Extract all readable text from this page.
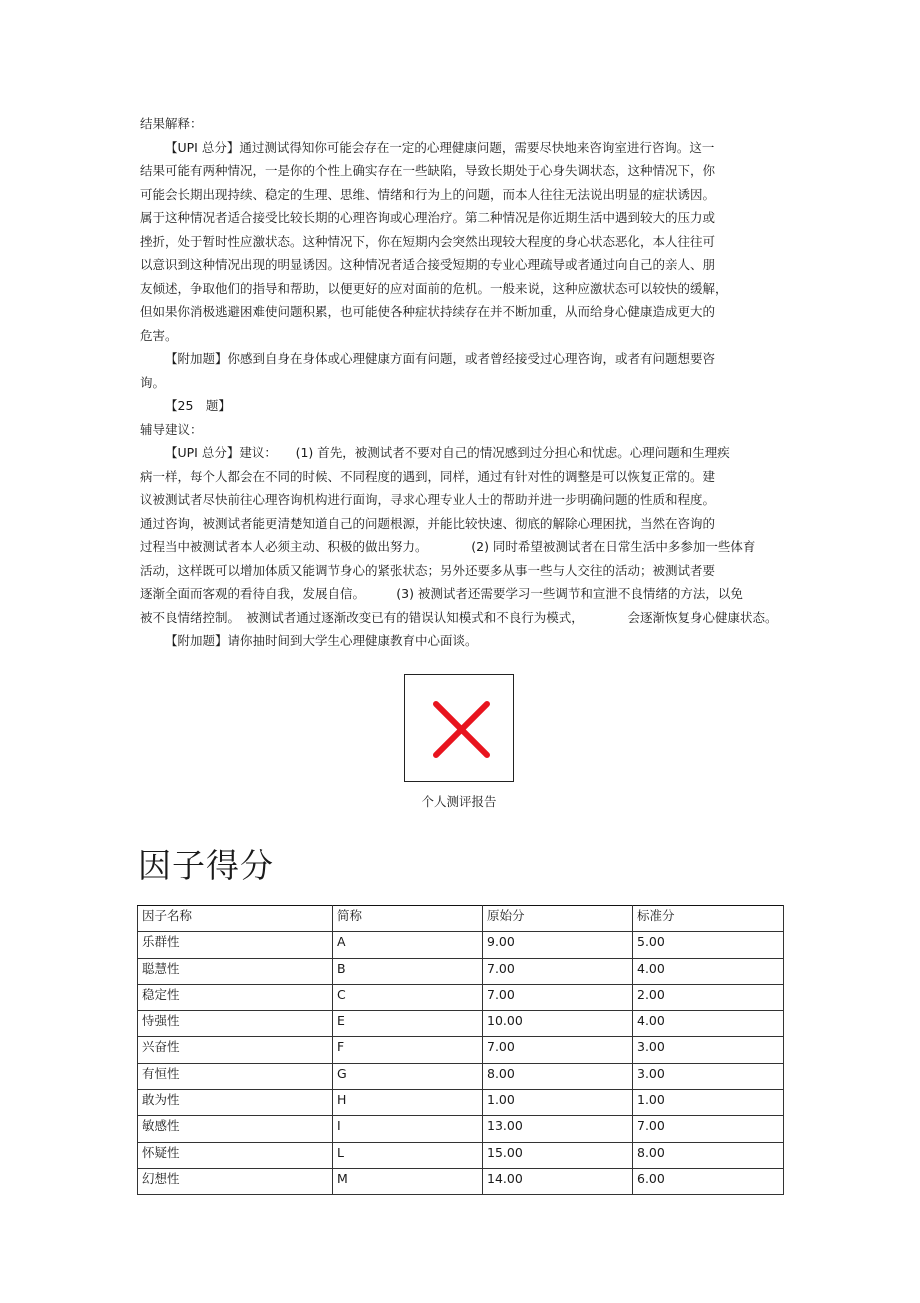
结果解释：
【UPI 总分】通过测试得知你可能会存在一定的心理健康问题，需要尽快地来咨询室进行咨询。这一
结果可能有两种情况，一是你的个性上确实存在一些缺陷，导致长期处于心身失调状态，这种情况下，你
可能会长期出现持续、稳定的生理、思维、情绪和行为上的问题，而本人往往无法说出明显的症状诱因。
属于这种情况者适合接受比较长期的心理咨询或心理治疗。第二种情况是你近期生活中遇到较大的压力或
挫折，处于暂时性应激状态。这种情况下，你在短期内会突然出现较大程度的身心状态恶化，本人往往可
以意识到这种情况出现的明显诱因。这种情况者适合接受短期的专业心理疏导或者通过向自己的亲人、朋
友倾述，争取他们的指导和帮助，以便更好的应对面前的危机。一般来说，这种应激状态可以较快的缓解，
但如果你消极逃避困难使问题积累，也可能使各种症状持续存在并不断加重，从而给身心健康造成更大的
危害。
【附加题】你感到自身在身体或心理健康方面有问题，或者曾经接受过心理咨询，或者有问题想要咨
询。
【25　题】
辅导建议：
【UPI 总分】建议：　　(1) 首先，被测试者不要对自己的情况感到过分担心和忧虑。心理问题和生理疾
病一样，每个人都会在不同的时候、不同程度的遇到，同样，通过有针对性的调整是可以恢复正常的。建
议被测试者尽快前往心理咨询机构进行面询，寻求心理专业人士的帮助并进一步明确问题的性质和程度。
通过咨询，被测试者能更清楚知道自己的问题根源，并能比较快速、彻底的解除心理困扰，当然在咨询的
过程当中被测试者本人必须主动、积极的做出努力。　　　　(2) 同时希望被测试者在日常生活中多参加一些体育
活动，这样既可以增加体质又能调节身心的紧张状态；另外还要多从事一些与人交往的活动；被测试者要
逐渐全面而客观的看待自我，发展自信。　　　(3) 被测试者还需要学习一些调节和宣泄不良情绪的方法，以免
被不良情绪控制。　被测试者通过逐渐改变已有的错误认知模式和不良行为模式，　　　　会逐渐恢复身心健康状态。
【附加题】请你抽时间到大学生心理健康教育中心面谈。
个人测评报告
因子得分
因子名称	简称	原始分	标准分
乐群性	A	9.00	5.00
聪慧性	B	7.00	4.00
稳定性	C	7.00	2.00
恃强性	E	10.00	4.00
兴奋性	F	7.00	3.00
有恒性	G	8.00	3.00
敢为性	H	1.00	1.00
敏感性	I	13.00	7.00
怀疑性	L	15.00	8.00
幻想性	M	14.00	6.00
